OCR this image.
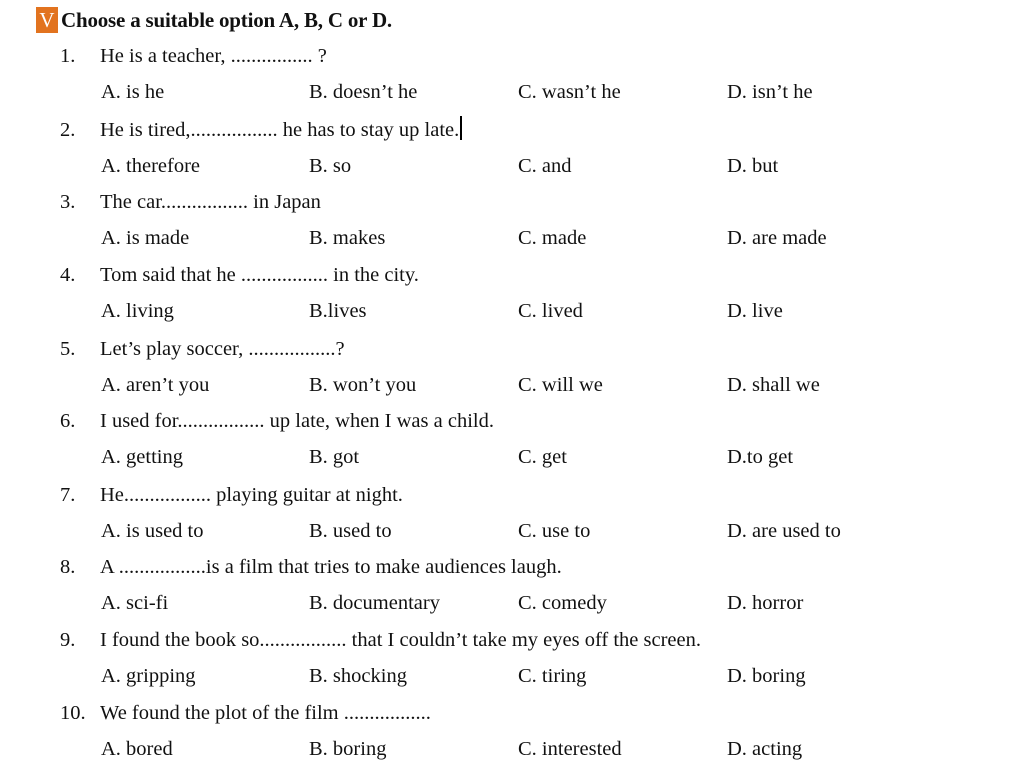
V Choose a suitable option A, B, C or D.
1. He is a teacher, ................ ?
A. is he	B. doesn’t he	C. wasn’t he	D. isn’t he
2. He is tired,................. he has to stay up late.
A. therefore	B. so	C. and	D. but
3. The car................. in Japan
A. is made	B. makes	C. made	D. are made
4. Tom said that he ................. in the city.
A. living	B.lives	C. lived	D. live
5. Let’s play soccer, .................?
A. aren’t you	B. won’t you	C. will we	D. shall we
6. I used for................. up late, when I was a child.
A. getting	B. got	C. get	D.to get
7. He................. playing guitar at night.
A. is used to	B. used to	C. use to	D. are used to
8. A .................is a film that tries to make audiences laugh.
A. sci-fi	B. documentary	C. comedy	D. horror
9. I found the book so................. that I couldn’t take my eyes off the screen.
A. gripping	B. shocking	C. tiring	D. boring
10. We found the plot of the film .................
A. bored	B. boring	C. interested	D. acting
